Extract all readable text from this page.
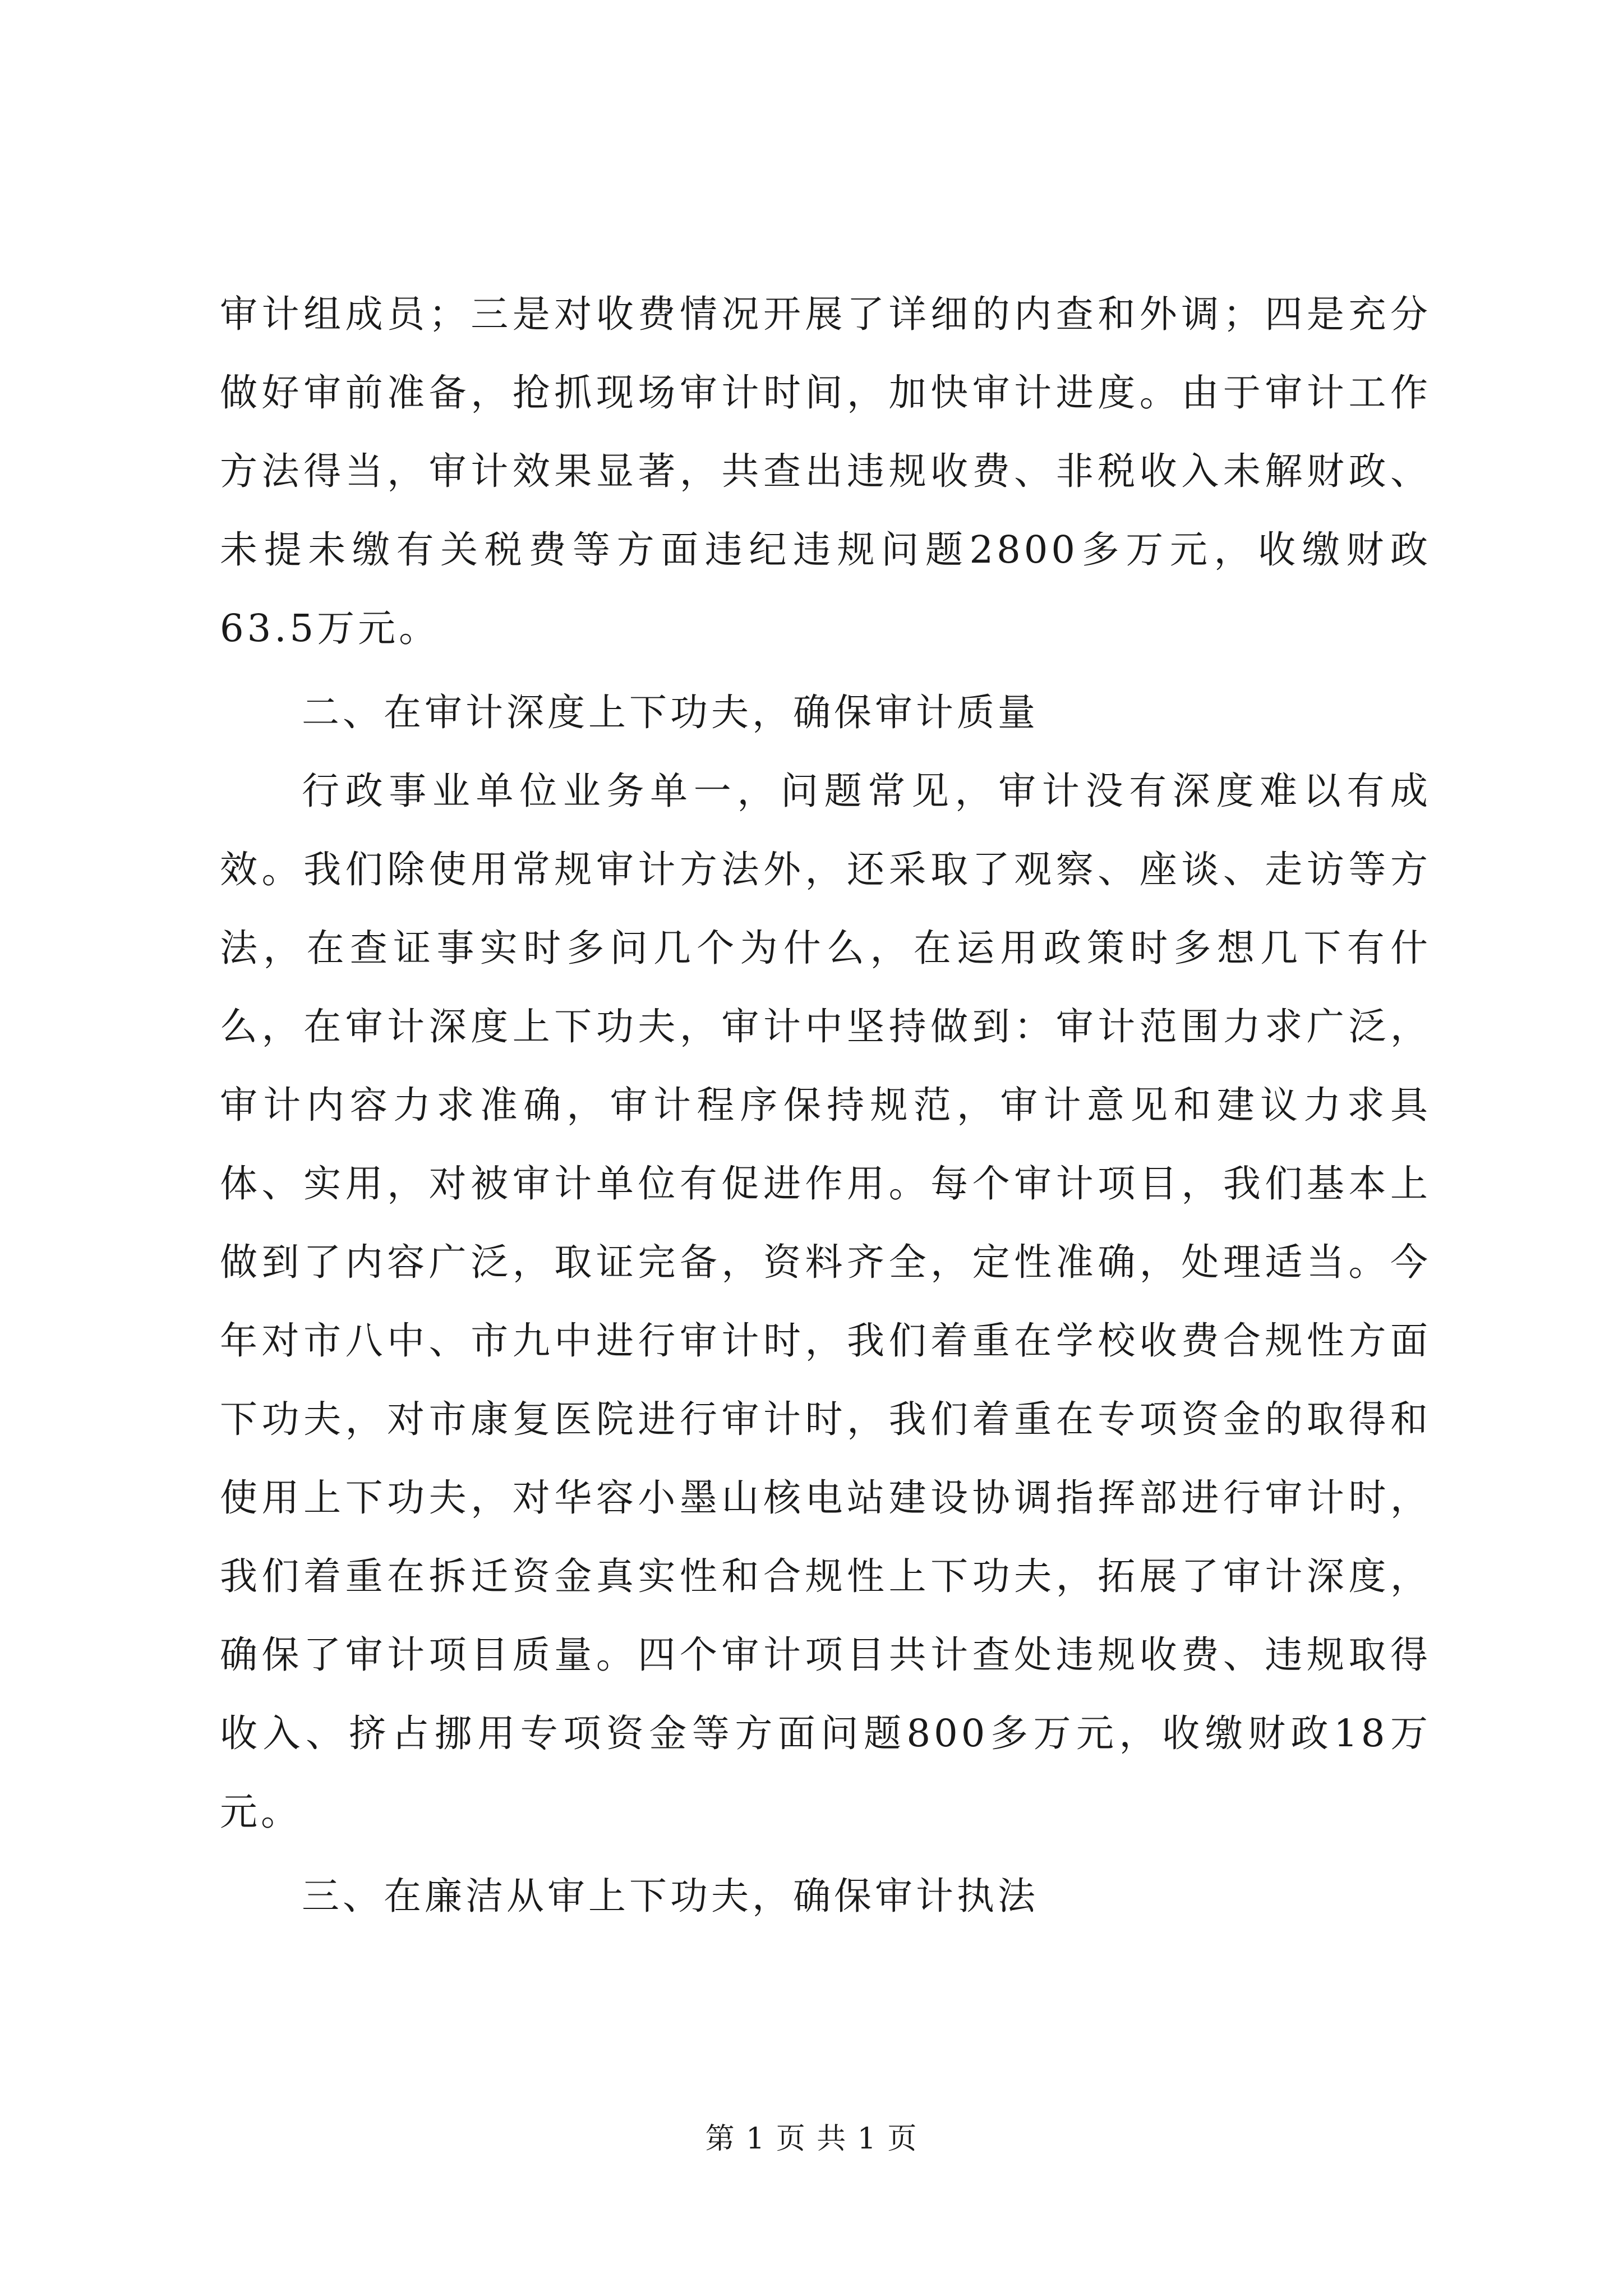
审计组成员；三是对收费情况开展了详细的内查和外调；四是充分做好审前准备，抢抓现场审计时间，加快审计进度。由于审计工作方法得当，审计效果显著，共查出违规收费、非税收入未解财政、未提未缴有关税费等方面违纪违规问题2800多万元，收缴财政63.5万元。

二、在审计深度上下功夫，确保审计质量

行政事业单位业务单一，问题常见，审计没有深度难以有成效。我们除使用常规审计方法外，还采取了观察、座谈、走访等方法，在查证事实时多问几个为什么，在运用政策时多想几下有什么，在审计深度上下功夫，审计中坚持做到：审计范围力求广泛，审计内容力求准确，审计程序保持规范，审计意见和建议力求具体、实用，对被审计单位有促进作用。每个审计项目，我们基本上做到了内容广泛，取证完备，资料齐全，定性准确，处理适当。今年对市八中、市九中进行审计时，我们着重在学校收费合规性方面下功夫，对市康复医院进行审计时，我们着重在专项资金的取得和使用上下功夫，对华容小墨山核电站建设协调指挥部进行审计时，我们着重在拆迁资金真实性和合规性上下功夫，拓展了审计深度，确保了审计项目质量。四个审计项目共计查处违规收费、违规取得收入、挤占挪用专项资金等方面问题800多万元，收缴财政18万元。

三、在廉洁从审上下功夫，确保审计执法

第 1 页 共 1 页
